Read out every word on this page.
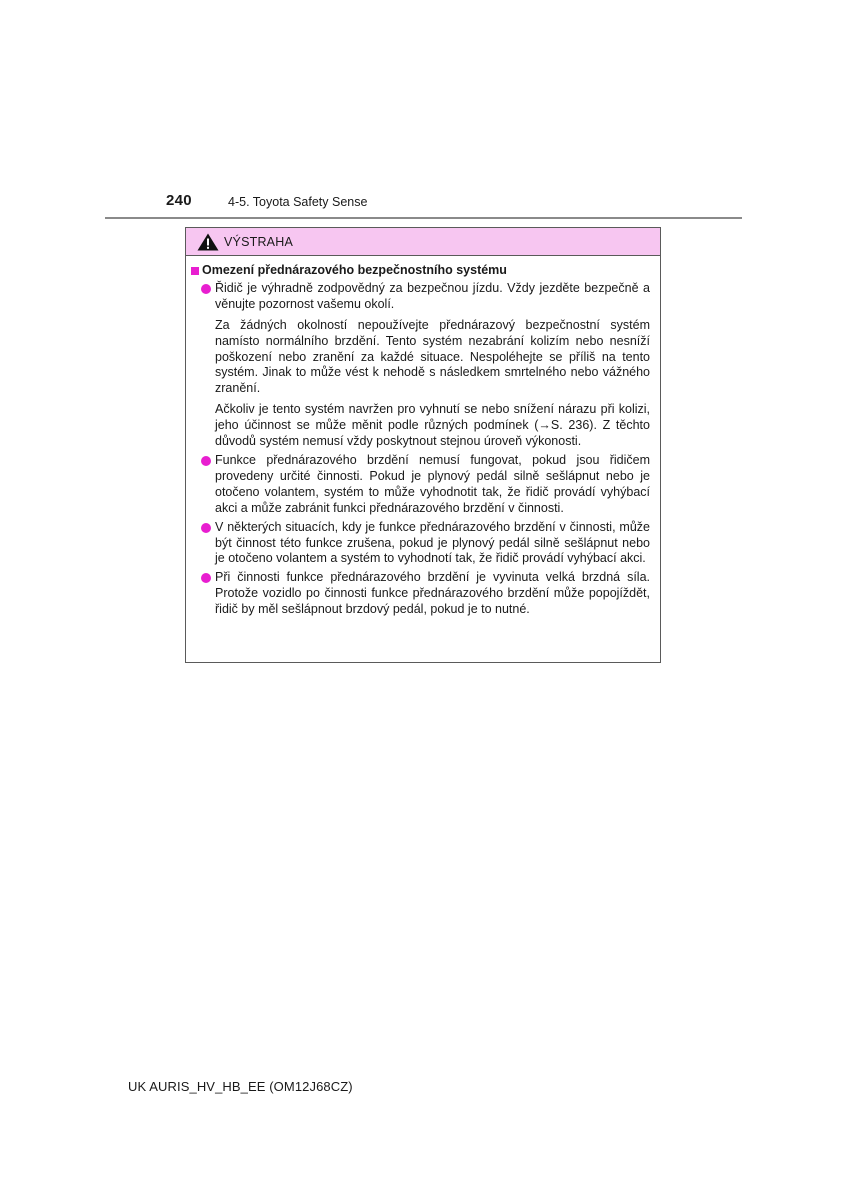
240	4-5. Toyota Safety Sense
VÝSTRAHA
Omezení přednárazového bezpečnostního systému
Řidič je výhradně zodpovědný za bezpečnou jízdu. Vždy jezděte bezpečně a věnujte pozornost vašemu okolí.
Za žádných okolností nepoužívejte přednárazový bezpečnostní systém namísto normálního brzdění. Tento systém nezabrání kolizím nebo nesníží poškození nebo zranění za každé situace. Nespoléhejte se příliš na tento systém. Jinak to může vést k nehodě s následkem smrtelného nebo vážného zranění.
Ačkoliv je tento systém navržen pro vyhnutí se nebo snížení nárazu při kolizi, jeho účinnost se může měnit podle různých podmínek (→S. 236). Z těchto důvodů systém nemusí vždy poskytnout stejnou úroveň výkonosti.
Funkce přednárazového brzdění nemusí fungovat, pokud jsou řidičem provedeny určité činnosti. Pokud je plynový pedál silně sešlápnut nebo je otočeno volantem, systém to může vyhodnotit tak, že řidič provádí vyhýbací akci a může zabránit funkci přednárazového brzdění v činnosti.
V některých situacích, kdy je funkce přednárazového brzdění v činnosti, může být činnost této funkce zrušena, pokud je plynový pedál silně sešlápnut nebo je otočeno volantem a systém to vyhodnotí tak, že řidič provádí vyhýbací akci.
Při činnosti funkce přednárazového brzdění je vyvinuta velká brzdná síla. Protože vozidlo po činnosti funkce přednárazového brzdění může popojíždět, řidič by měl sešlápnout brzdový pedál, pokud je to nutné.
UK AURIS_HV_HB_EE (OM12J68CZ)
